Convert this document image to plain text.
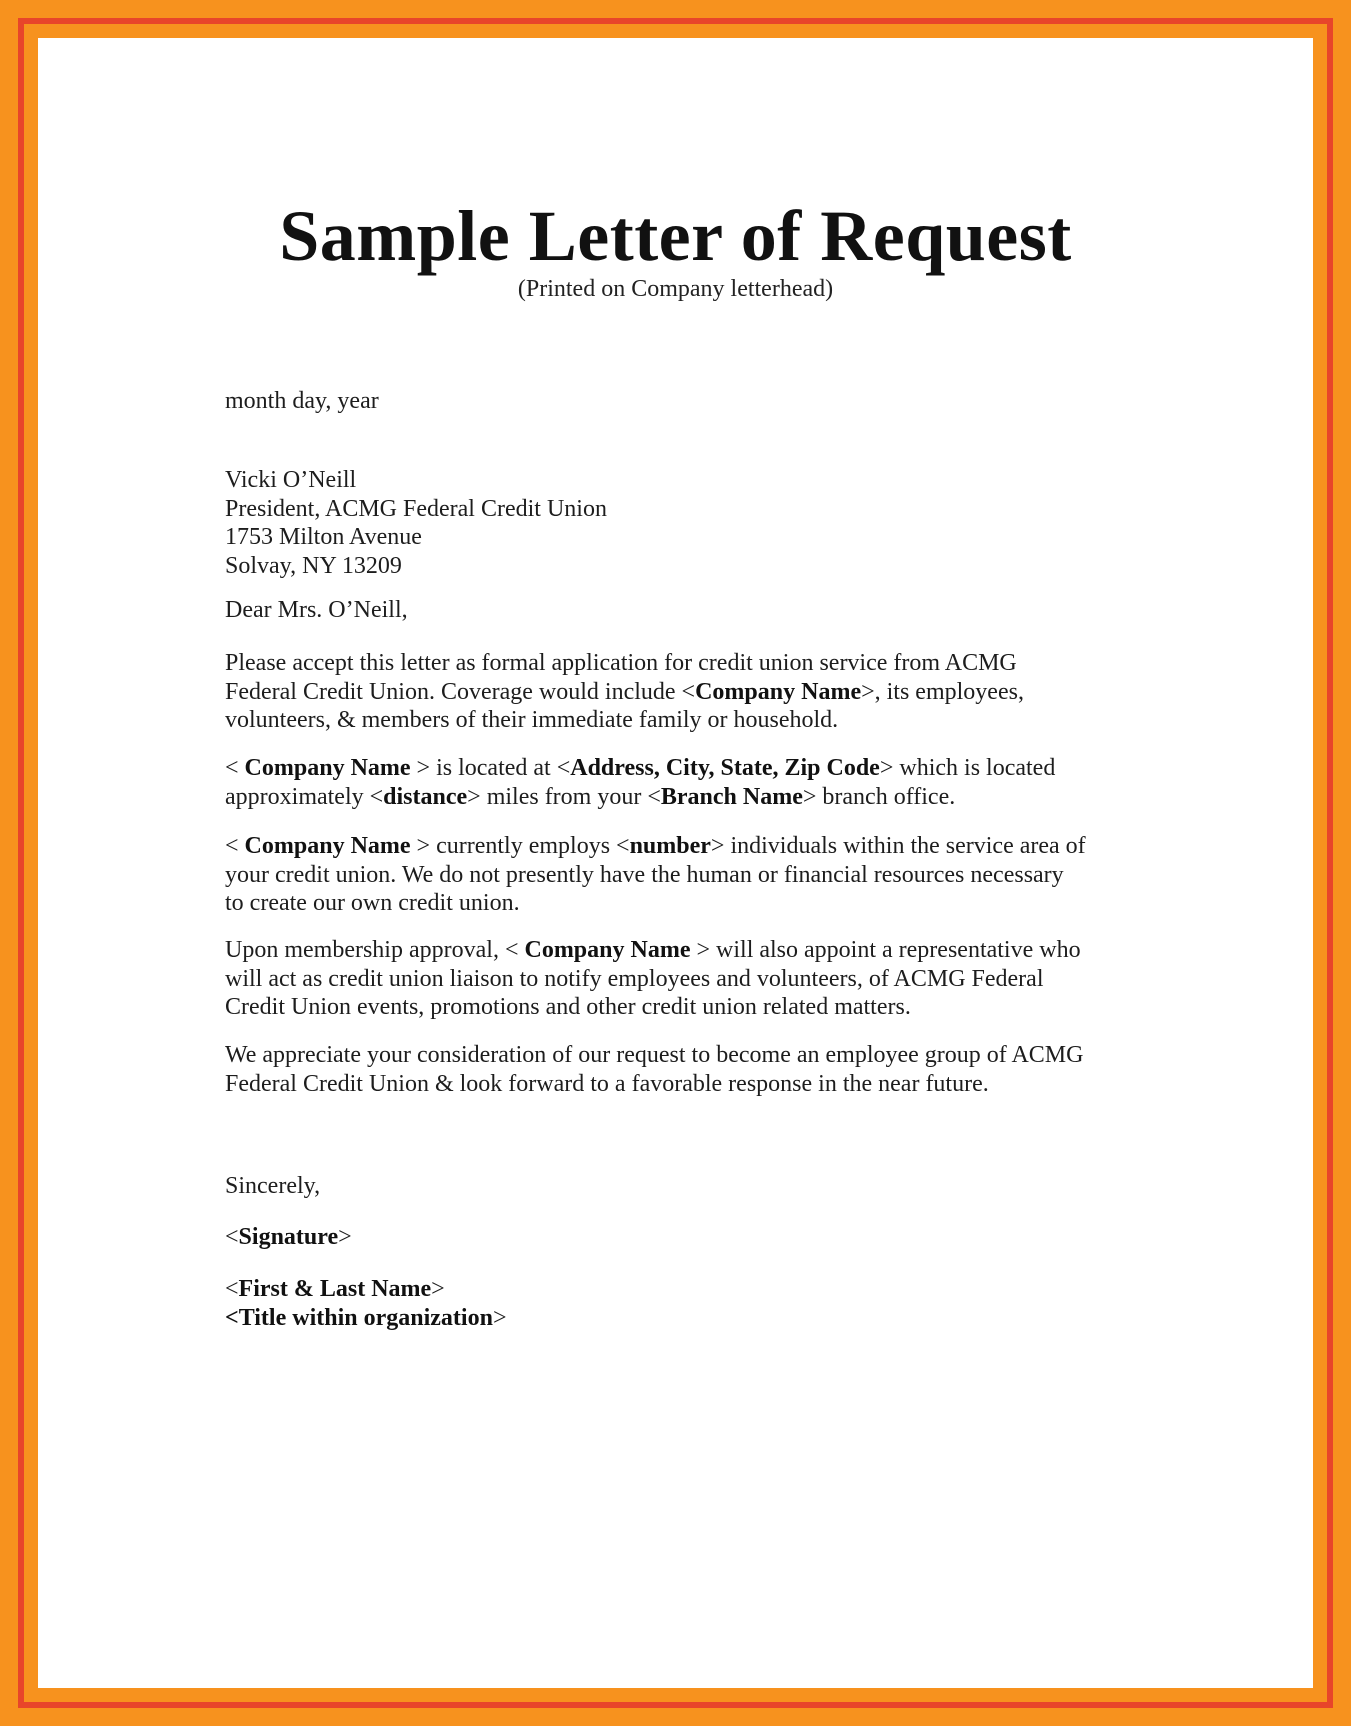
Sample Letter of Request
(Printed on Company letterhead)
month day, year
Vicki O’Neill
President, ACMG Federal Credit Union
1753 Milton Avenue
Solvay, NY 13209
Dear Mrs. O’Neill,
Please accept this letter as formal application for credit union service from ACMG
Federal Credit Union. Coverage would include <Company Name>, its employees,
volunteers, & members of their immediate family or household.
< Company Name > is located at <Address, City, State, Zip Code> which is located
approximately <distance> miles from your <Branch Name> branch office.
< Company Name > currently employs <number> individuals within the service area of
your credit union. We do not presently have the human or financial resources necessary
to create our own credit union.
Upon membership approval, < Company Name > will also appoint a representative who
will act as credit union liaison to notify employees and volunteers, of ACMG Federal
Credit Union events, promotions and other credit union related matters.
We appreciate your consideration of our request to become an employee group of ACMG
Federal Credit Union & look forward to a favorable response in the near future.
Sincerely,
<Signature>
<First & Last Name>
<Title within organization>
